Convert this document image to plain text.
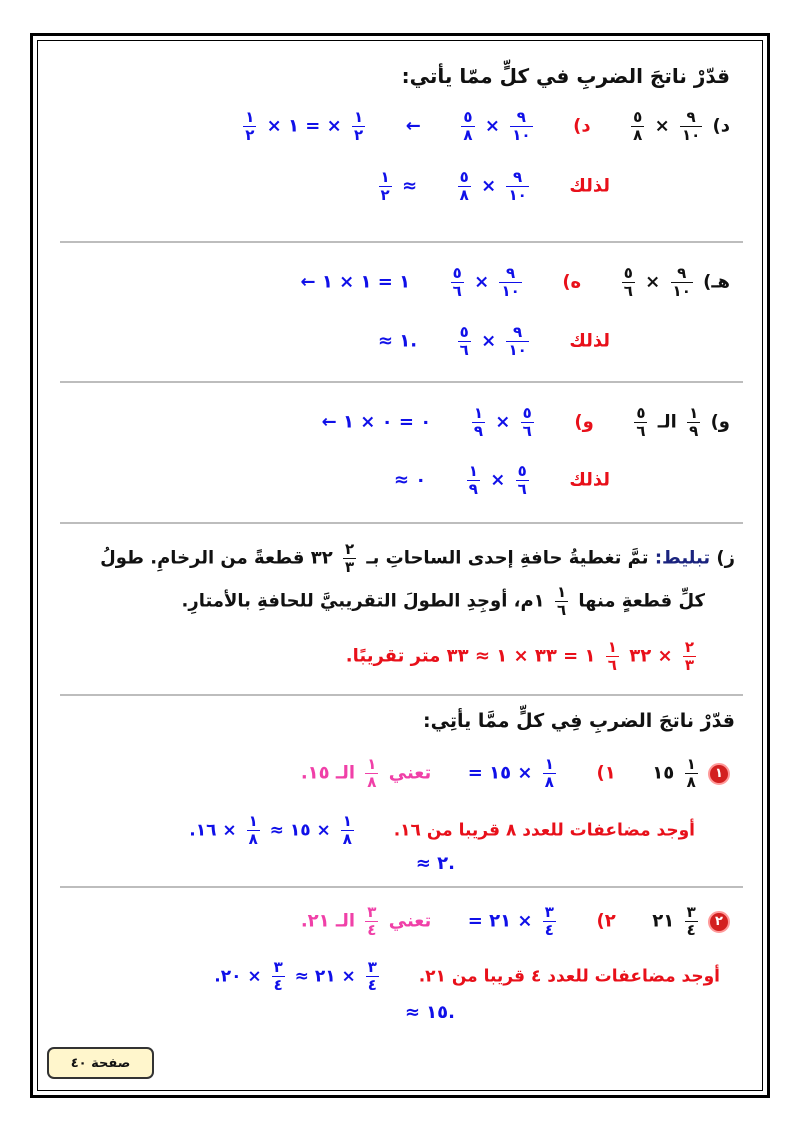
قدّرْ ناتجَ الضربِ في كلٍّ ممّا يأتي:
د)
$\frac{٩}{١٠}$
×
$\frac{٥}{٨}$
د)
$\frac{٩}{١٠}$
×
$\frac{٥}{٨}$
←
$\frac{١}{٢}$
× = ١ ×
$\frac{١}{٢}$
لذلك
$\frac{٩}{١٠}$
×
$\frac{٥}{٨}$
≈
$\frac{١}{٢}$
هـ)
$\frac{٩}{١٠}$
×
$\frac{٥}{٦}$
ه)
$\frac{٩}{١٠}$
×
$\frac{٥}{٦}$
١ = ١ × ١ ←
لذلك
$\frac{٩}{١٠}$
×
$\frac{٥}{٦}$
.١ ≈
و)
$\frac{١}{٩}$
الـ
$\frac{٥}{٦}$
و)
$\frac{٥}{٦}$
×
$\frac{١}{٩}$
٠ = ٠ × ١ ←
لذلك
$\frac{٥}{٦}$
×
$\frac{١}{٩}$
٠ ≈
ز) تبليط: تمَّ تغطيةُ حافةِ إحدى الساحاتِ بـ
$\frac{٢}{٣}$
٣٢ قطعةً من الرخامِ. طولُ
كلِّ قطعةٍ منها
$\frac{١}{٦}$
١م، أوجِدِ الطولَ التقريبيَّ للحافةِ بالأمتارِ.
$\frac{٢}{٣}$
× ٣٢
$\frac{١}{٦}$
١ = ٣٣ × ١ ≈ ٣٣ متر تقريبًا.
قدّرْ ناتجَ الضربِ فِي كلٍّ ممَّا يأتِي:
١
$\frac{١}{٨}$
١٥  ١)
$\frac{١}{٨}$
× ١٥ =  تعني
$\frac{١}{٨}$
الـ ١٥.
أوجد مضاعفات للعدد ٨ قريبا من ١٦.
$\frac{١}{٨}$
× ١٥ ≈
$\frac{١}{٨}$
× ١٦.
.٢ ≈
٢
$\frac{٣}{٤}$
٢١  ٢)
$\frac{٣}{٤}$
× ٢١ =  تعني
$\frac{٣}{٤}$
الـ ٢١.
أوجد مضاعفات للعدد ٤ قريبا من ٢١.
$\frac{٣}{٤}$
× ٢١ ≈
$\frac{٣}{٤}$
× ٢٠.
.١٥ ≈
صفحة ٤٠
